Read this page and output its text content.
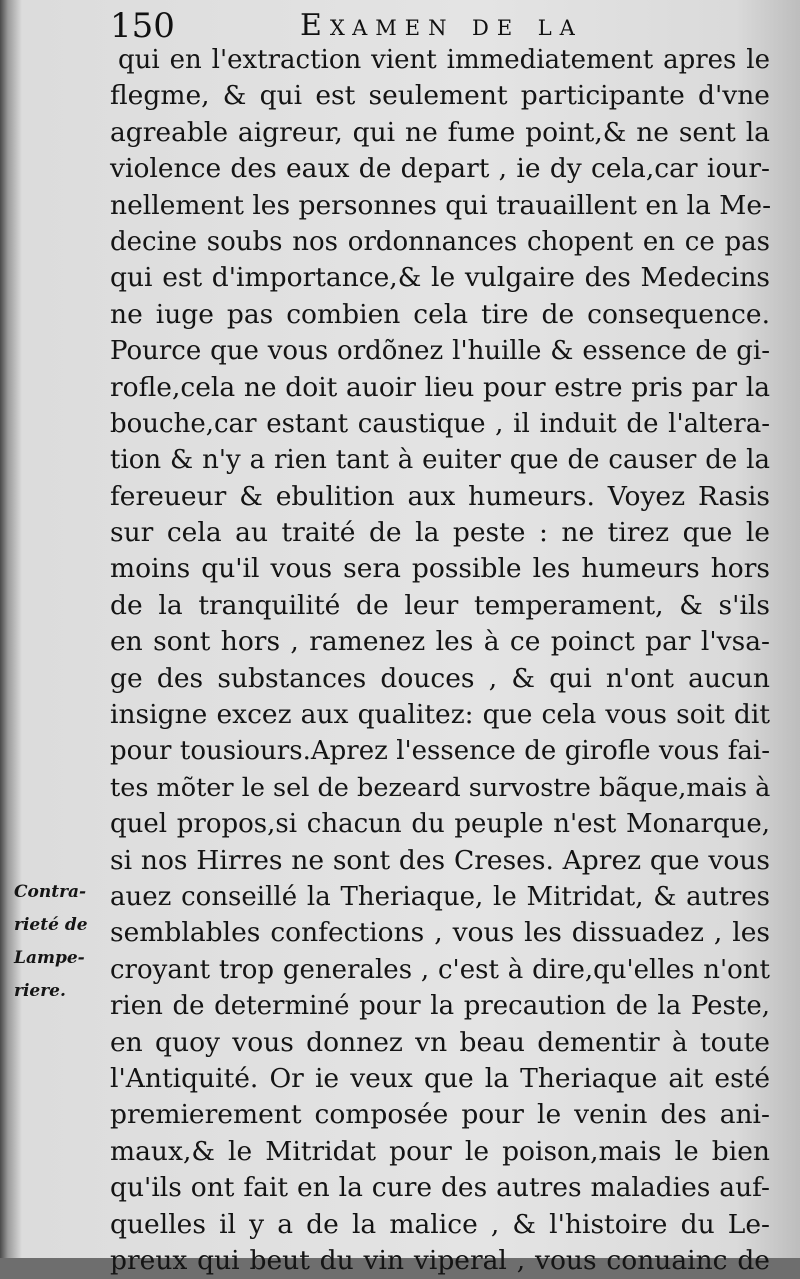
150	Examen de la
qui en l'extraction vient immediatement apres le
flegme, & qui est seulement participante d'vne
agreable aigreur, qui ne fume point,& ne sent la
violence des eaux de depart , ie dy cela,car iour-
nellement les personnes qui trauaillent en la Me-
decine soubs nos ordonnances chopent en ce pas
qui est d'importance,& le vulgaire des Medecins
ne iuge pas combien cela tire de consequence.
Pource que vous ordõnez l'huille & essence de gi-
rofle,cela ne doit auoir lieu pour estre pris par la
bouche,car estant caustique , il induit de l'altera-
tion & n'y a rien tant à euiter que de causer de la
fereueur & ebulition aux humeurs. Voyez Rasis
sur cela au traité de la peste : ne tirez que le
moins qu'il vous sera possible les humeurs hors
de la tranquilité de leur temperament, & s'ils
en sont hors , ramenez les à ce poinct par l'vsa-
ge des substances douces , & qui n'ont aucun
insigne excez aux qualitez: que cela vous soit dit
pour tousiours.Aprez l'essence de girofle vous fai-
tes mõter le sel de bezeard survostre bãque,mais à
quel propos,si chacun du peuple n'est Monarque,
si nos Hirres ne sont des Creses. Aprez que vous
auez conseillé la Theriaque, le Mitridat, & autres
semblables confections , vous les dissuadez , les
croyant trop generales , c'est à dire,qu'elles n'ont
rien de determiné pour la precaution de la Peste,
en quoy vous donnez vn beau dementir à toute
l'Antiquité. Or ie veux que la Theriaque ait esté
premierement composée pour le venin des ani-
maux,& le Mitridat pour le poison,mais le bien
qu'ils ont fait en la cure des autres maladies auf-
quelles il y a de la malice , & l'histoire du Le-
preux qui beut du vin viperal , vous conuainc de
Contra-
rieté de
Lampe-
riere.
